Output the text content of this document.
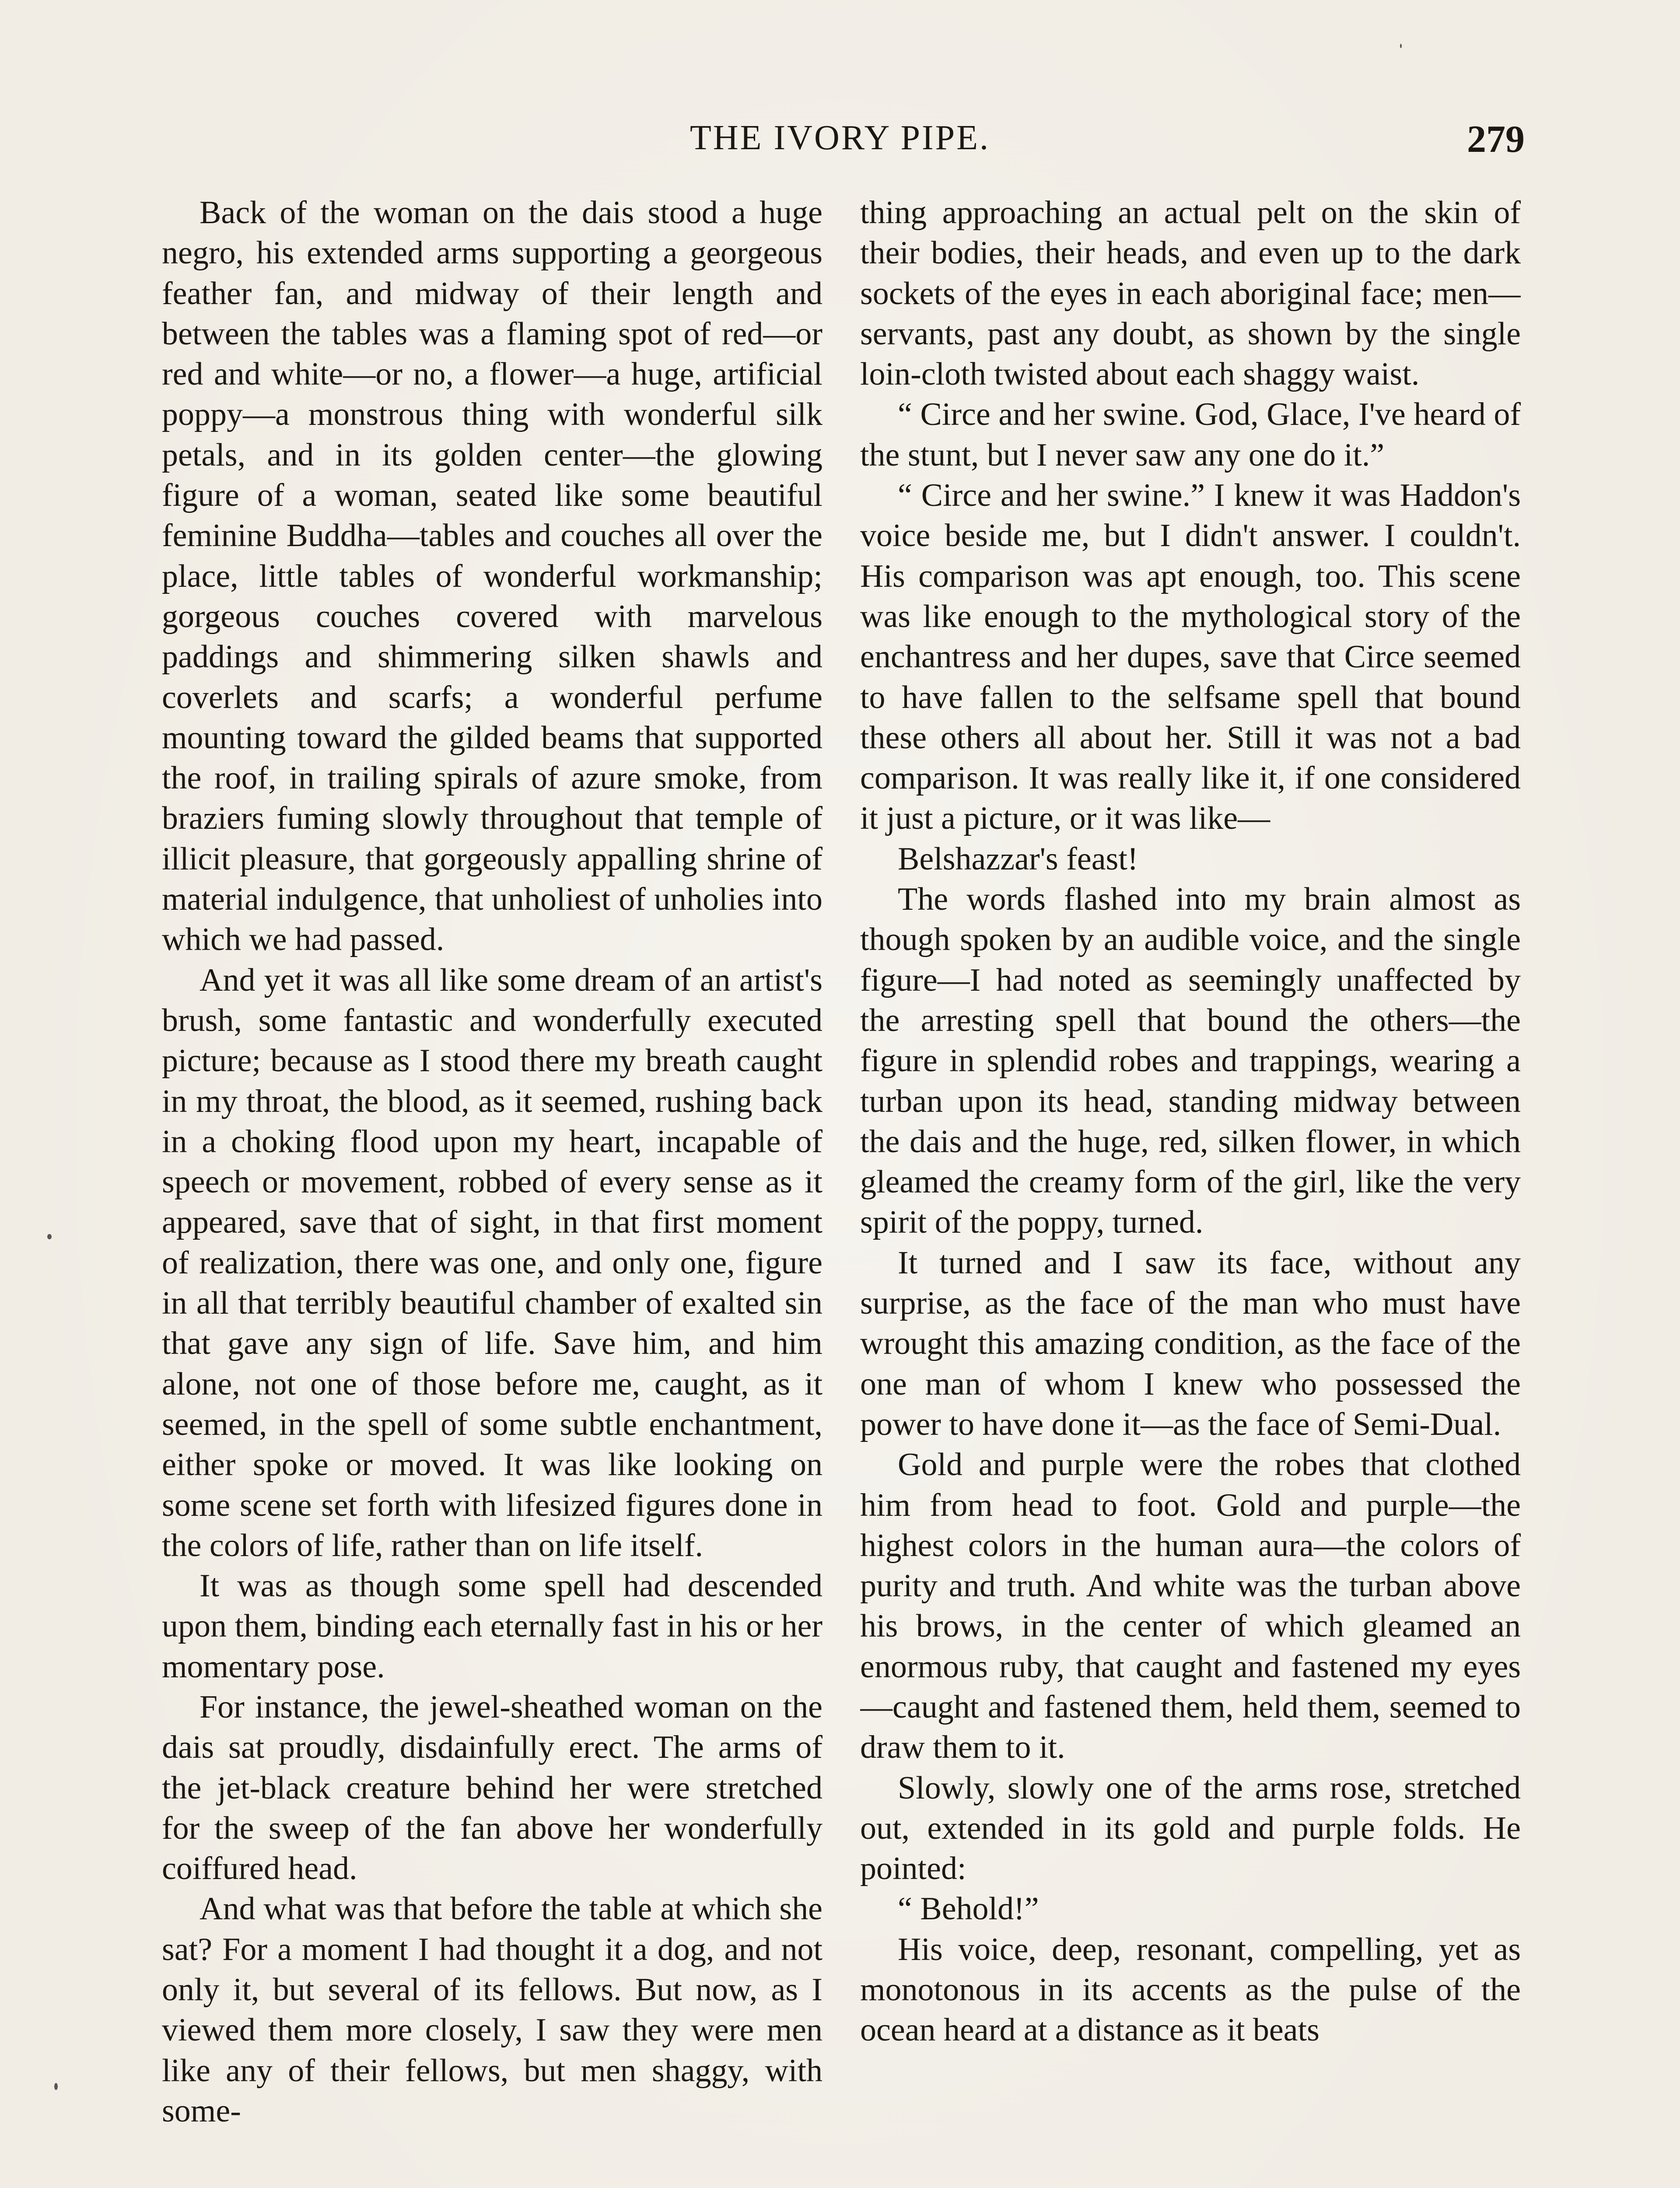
THE IVORY PIPE.	279

Back of the woman on the dais stood a huge negro, his extended arms supporting a georgeous feather fan, and midway of their length and between the tables was a flaming spot of red—or red and white—or no, a flower—a huge, artificial poppy—a monstrous thing with wonderful silk petals, and in its golden center—the glowing figure of a woman, seated like some beautiful feminine Buddha—tables and couches all over the place, little tables of wonderful workmanship; gorgeous couches covered with marvelous paddings and shimmering silken shawls and coverlets and scarfs; a wonderful perfume mounting toward the gilded beams that supported the roof, in trailing spirals of azure smoke, from braziers fuming slowly throughout that temple of illicit pleasure, that gorgeously appalling shrine of material indulgence, that unholiest of unholies into which we had passed.

And yet it was all like some dream of an artist's brush, some fantastic and wonderfully executed picture; because as I stood there my breath caught in my throat, the blood, as it seemed, rushing back in a choking flood upon my heart, incapable of speech or movement, robbed of every sense as it appeared, save that of sight, in that first moment of realization, there was one, and only one, figure in all that terribly beautiful chamber of exalted sin that gave any sign of life. Save him, and him alone, not one of those before me, caught, as it seemed, in the spell of some subtle enchantment, either spoke or moved. It was like looking on some scene set forth with lifesized figures done in the colors of life, rather than on life itself.

It was as though some spell had descended upon them, binding each eternally fast in his or her momentary pose.

For instance, the jewel-sheathed woman on the dais sat proudly, disdainfully erect. The arms of the jet-black creature behind her were stretched for the sweep of the fan above her wonderfully coiffured head.

And what was that before the table at which she sat? For a moment I had thought it a dog, and not only it, but several of its fellows. But now, as I viewed them more closely, I saw they were men like any of their fellows, but men shaggy, with some-

thing approaching an actual pelt on the skin of their bodies, their heads, and even up to the dark sockets of the eyes in each aboriginal face; men—servants, past any doubt, as shown by the single loin-cloth twisted about each shaggy waist.

“ Circe and her swine. God, Glace, I've heard of the stunt, but I never saw any one do it.”

“ Circe and her swine.” I knew it was Haddon's voice beside me, but I didn't answer. I couldn't. His comparison was apt enough, too. This scene was like enough to the mythological story of the enchantress and her dupes, save that Circe seemed to have fallen to the selfsame spell that bound these others all about her. Still it was not a bad comparison. It was really like it, if one considered it just a picture, or it was like—

Belshazzar's feast!

The words flashed into my brain almost as though spoken by an audible voice, and the single figure—I had noted as seemingly unaffected by the arresting spell that bound the others—the figure in splendid robes and trappings, wearing a turban upon its head, standing midway between the dais and the huge, red, silken flower, in which gleamed the creamy form of the girl, like the very spirit of the poppy, turned.

It turned and I saw its face, without any surprise, as the face of the man who must have wrought this amazing condition, as the face of the one man of whom I knew who possessed the power to have done it—as the face of Semi-Dual.

Gold and purple were the robes that clothed him from head to foot. Gold and purple—the highest colors in the human aura—the colors of purity and truth. And white was the turban above his brows, in the center of which gleamed an enormous ruby, that caught and fastened my eyes—caught and fastened them, held them, seemed to draw them to it.

Slowly, slowly one of the arms rose, stretched out, extended in its gold and purple folds. He pointed:

“ Behold!”

His voice, deep, resonant, compelling, yet as monotonous in its accents as the pulse of the ocean heard at a distance as it beats
